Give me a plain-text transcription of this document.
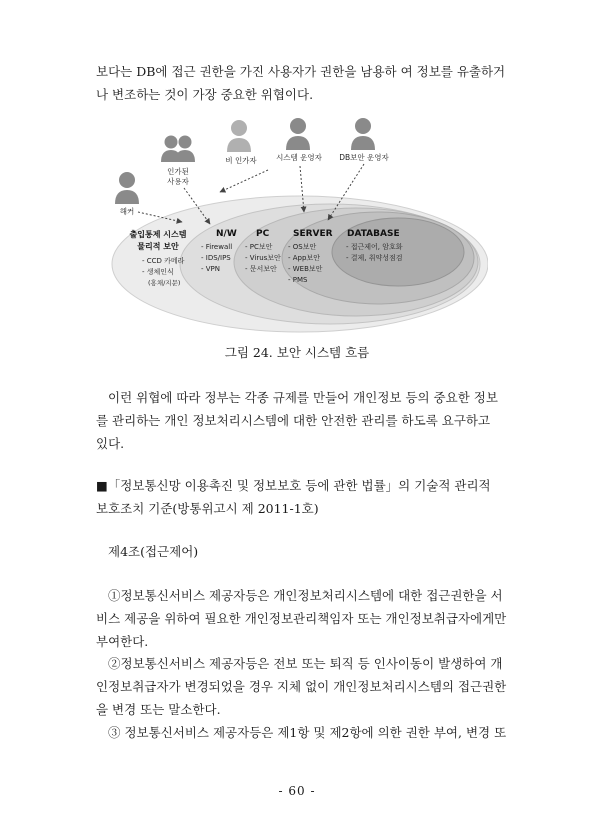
보다는 DB에 접근 권한을 가진 사용자가 권한을 남용하 여 정보를 유출하거
나 변조하는 것이 가장 중요한 위협이다.
비 인가자	시스템 운영자 DB보안 운영자
인가된
사용자
해커
출입통제 시스템
물리적 보안
N/W PC	SERVER DATABASE
- CCD 카메라
- 생체인식
(홍채/지문)
- Firewall
- IDS/IPS
- VPN
- PC보안
- Virus보안
- 문서보안
- OS보안
- App보안
- WEB보안
- PMS
- 접근제어, 암호화
- 결제, 취약성점검
그림 24. 보안 시스템 흐름
이런 위협에 따라 정부는 각종 규제를 만들어 개인정보 등의 중요한 정보
를 관리하는 개인 정보처리시스템에 대한 안전한 관리를 하도록 요구하고
있다.
■「정보통신망 이용촉진 및 정보보호 등에 관한 법률」의 기술적 관리적
보호조치 기준(방통위고시 제 2011-1호)
제4조(접근제어)
①정보통신서비스 제공자등은 개인정보처리시스템에 대한 접근권한을 서
비스 제공을 위하여 필요한 개인정보관리책임자 또는 개인정보취급자에게만
부여한다.
②정보통신서비스 제공자등은 전보 또는 퇴직 등 인사이동이 발생하여 개
인정보취급자가 변경되었을 경우 지체 없이 개인정보처리시스템의 접근권한
을 변경 또는 말소한다.
③ 정보통신서비스 제공자등은 제1항 및 제2항에 의한 권한 부여, 변경 또
- 60 -
